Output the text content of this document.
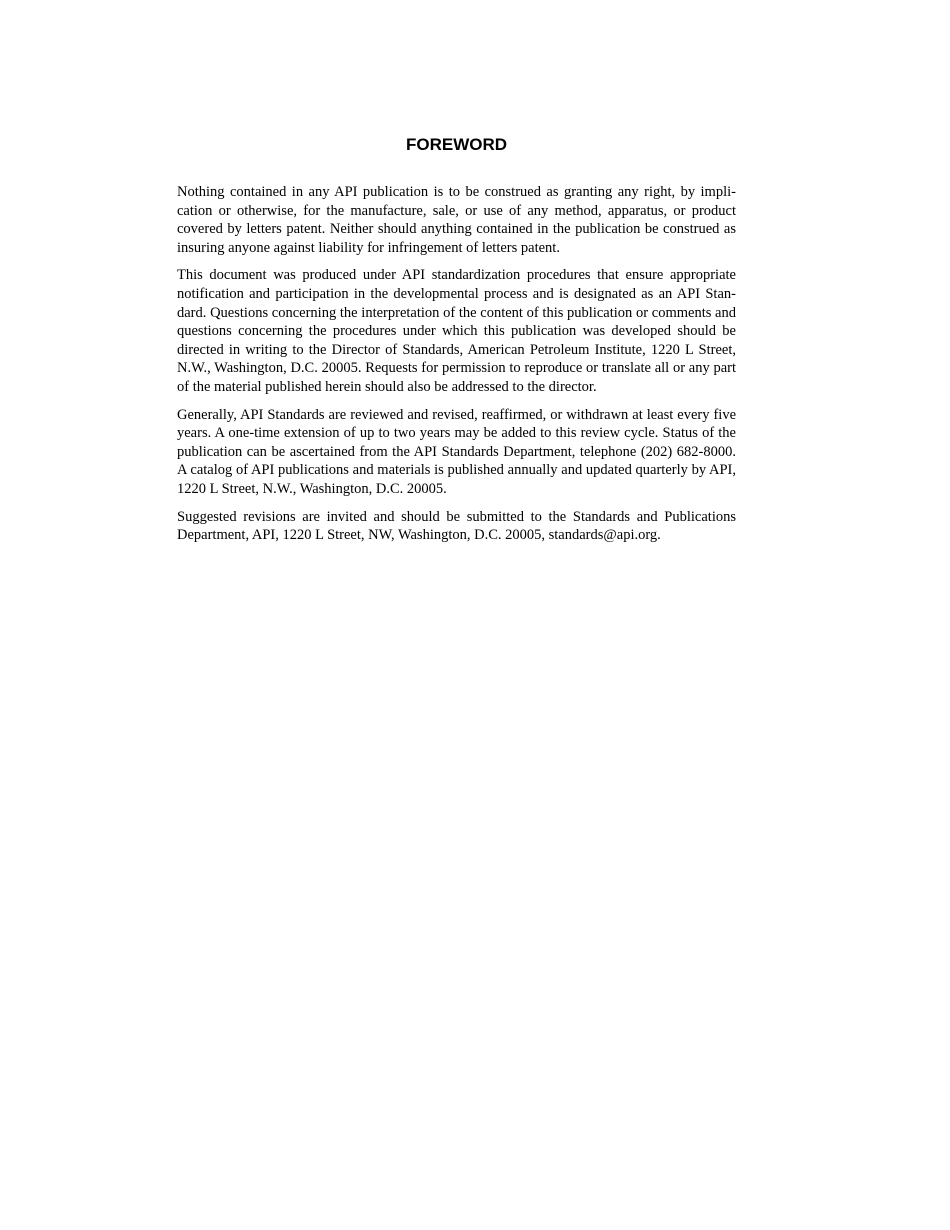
FOREWORD

Nothing contained in any API publication is to be construed as granting any right, by implication or otherwise, for the manufacture, sale, or use of any method, apparatus, or product covered by letters patent. Neither should anything contained in the publication be construed as insuring anyone against liability for infringement of letters patent.

This document was produced under API standardization procedures that ensure appropriate notification and participation in the developmental process and is designated as an API Standard. Questions concerning the interpretation of the content of this publication or comments and questions concerning the procedures under which this publication was developed should be directed in writing to the Director of Standards, American Petroleum Institute, 1220 L Street, N.W., Washington, D.C. 20005. Requests for permission to reproduce or translate all or any part of the material published herein should also be addressed to the director.

Generally, API Standards are reviewed and revised, reaffirmed, or withdrawn at least every five years. A one-time extension of up to two years may be added to this review cycle. Status of the publication can be ascertained from the API Standards Department, telephone (202) 682-8000. A catalog of API publications and materials is published annually and updated quarterly by API, 1220 L Street, N.W., Washington, D.C. 20005.

Suggested revisions are invited and should be submitted to the Standards and Publications Department, API, 1220 L Street, NW, Washington, D.C. 20005, standards@api.org.
